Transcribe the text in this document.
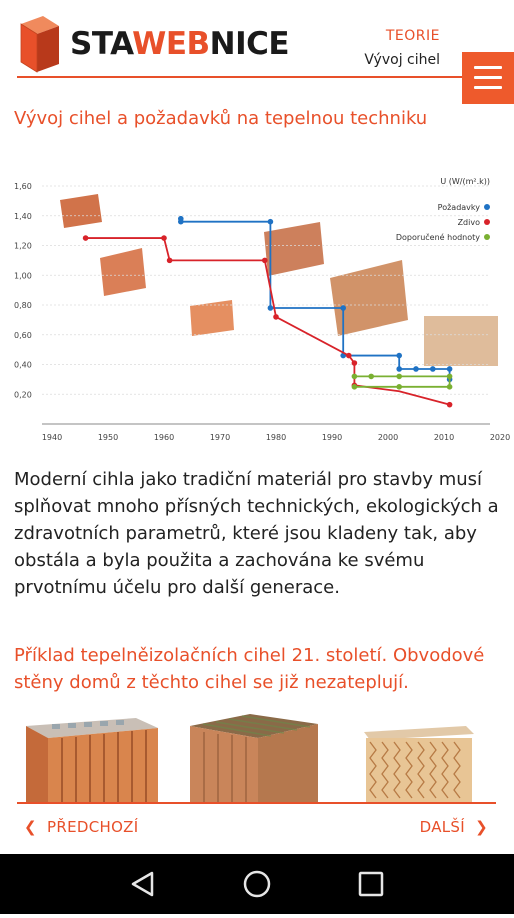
STAWEBNICE	TEORIE
Vývoj cihel
Vývoj cihel a požadavků na tepelnou techniku
1,60
1,40
1,20
1,00
0,80
0,60
0,40
0,20
1940	1950	1960	1970	1980	1990	2000	2010	2020
U (W/(m².k))
Požadavky
Zdivo
Doporučené hodnoty
Moderní cihla jako tradiční materiál pro stavby musí splňovat mnoho přísných technických, ekologických a zdravotních parametrů, které jsou kladeny tak, aby obstála a byla použita a zachována ke svému prvotnímu účelu pro další generace.
Příklad tepelněizolačních cihel 21. století. Obvodové stěny domů z těchto cihel se již nezateplují.
❮ PŘEDCHOZÍ	DALŠÍ ❯
